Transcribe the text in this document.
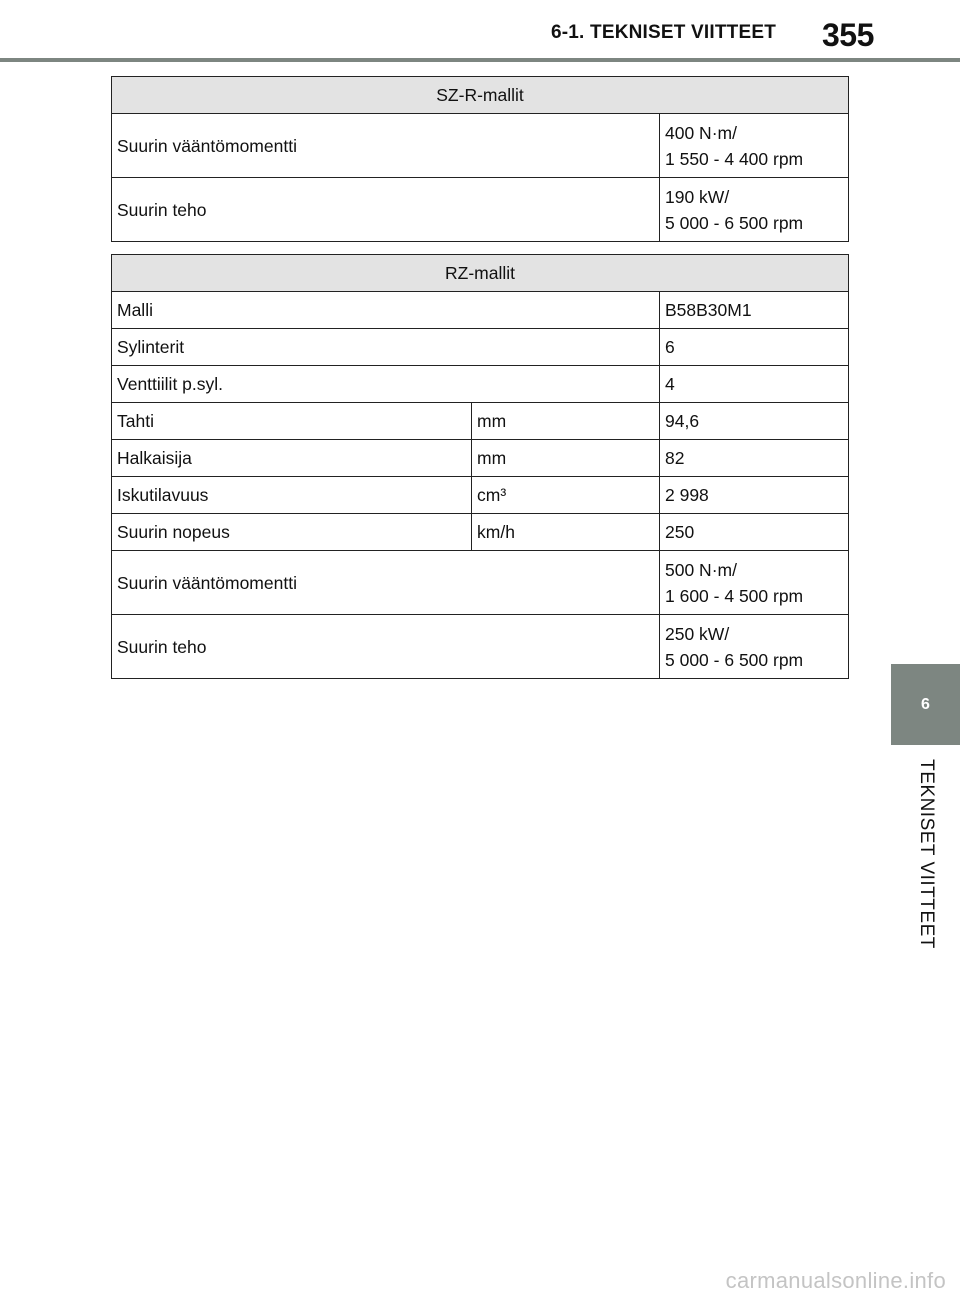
6-1. TEKNISET VIITTEET	355
6
TEKNISET VIITTEET
SZ-R-mallit	
Suurin vääntömomentti	400 N·m/
1 550 - 4 400 rpm

Suurin teho	190 kW/
5 000 - 6 500 rpm
RZ-mallit		
Malli		B58B30M1
Sylinterit		6
Venttiilit p.syl.		4
Tahti	mm	94,6
Halkaisija	mm	82
Iskutilavuus	cm³	2 998
Suurin nopeus	km/h	250
Suurin vääntömomentti		500 N·m/
1 600 - 4 500 rpm

Suurin teho		250 kW/
5 000 - 6 500 rpm
carmanualsonline.info
